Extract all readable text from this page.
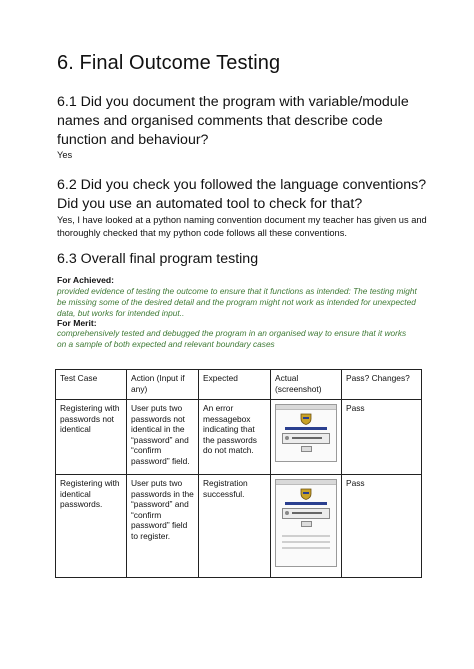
6. Final Outcome Testing

6.1 Did you document the program with variable/module names and organised comments that describe code function and behaviour?

Yes

6.2 Did you check you followed the language conventions? Did you use an automated tool to check for that?

Yes, I have looked at a python naming convention document my teacher has given us and thoroughly checked that my python code follows all these conventions.

6.3 Overall final program testing

For Achieved:

provided evidence of testing the outcome to ensure that it functions as intended: The testing might be missing some of the desired detail and the program might not work as intended for unexpected data, but works for intended input..

For Merit:

comprehensively tested and debugged the program in an organised way to ensure that it works on a sample of both expected and relevant boundary cases

Test Case	Action (Input if any)	Expected	Actual (screenshot)	Pass? Changes?
Registering with passwords not identical	User puts two passwords not identical in the “password” and “confirm password” field.	An error messagebox indicating that the passwords do not match.		Pass
Registering with identical passwords.	User puts two passwords in the “password” and “confirm password” field to register.	Registration successful.		Pass
